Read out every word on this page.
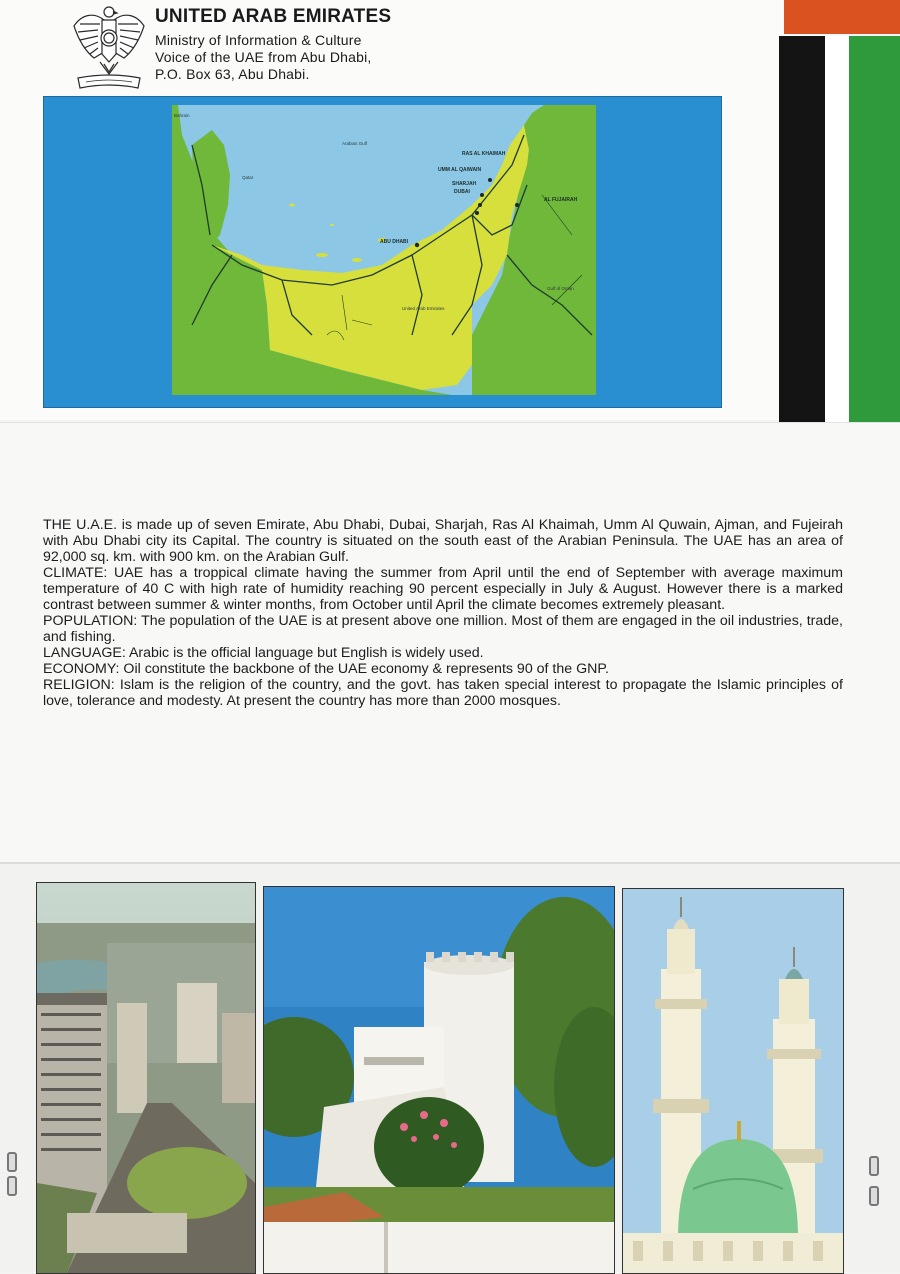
UNITED ARAB EMIRATES
Ministry of Information & Culture
Voice of the UAE from Abu Dhabi,
P.O. Box 63, Abu Dhabi.
Bahrain
Arabian Gulf
Qatar
RAS AL KHAIMAH
UMM AL QAIWAIN
SHARJAH
DUBAI
AL FUJAIRAH
ABU DHABI
United Arab Emirates
Gulf of Oman

THE U.A.E. is made up of seven Emirate, Abu Dhabi, Dubai, Sharjah, Ras Al Khaimah, Umm Al Quwain, Ajman, and Fujeirah with Abu Dhabi city its Capital. The country is situated on the south east of the Arabian Peninsula. The UAE has an area of 92,000 sq. km. with 900 km. on the Arabian Gulf.

CLIMATE: UAE has a troppical climate having the summer from April until the end of September with average maximum temperature of 40 C with high rate of humidity reaching 90 percent especially in July & August. However there is a marked contrast between summer & winter months, from October until April the climate becomes extremely pleasant.

POPULATION: The population of the UAE is at present above one million. Most of them are engaged in the oil industries, trade, and fishing.

LANGUAGE: Arabic is the official language but English is widely used.

ECONOMY: Oil constitute the backbone of the UAE economy & represents 90 of the GNP.

RELIGION: Islam is the religion of the country, and the govt. has taken special interest to propagate the Islamic principles of love, tolerance and modesty. At present the country has more than 2000 mosques.
